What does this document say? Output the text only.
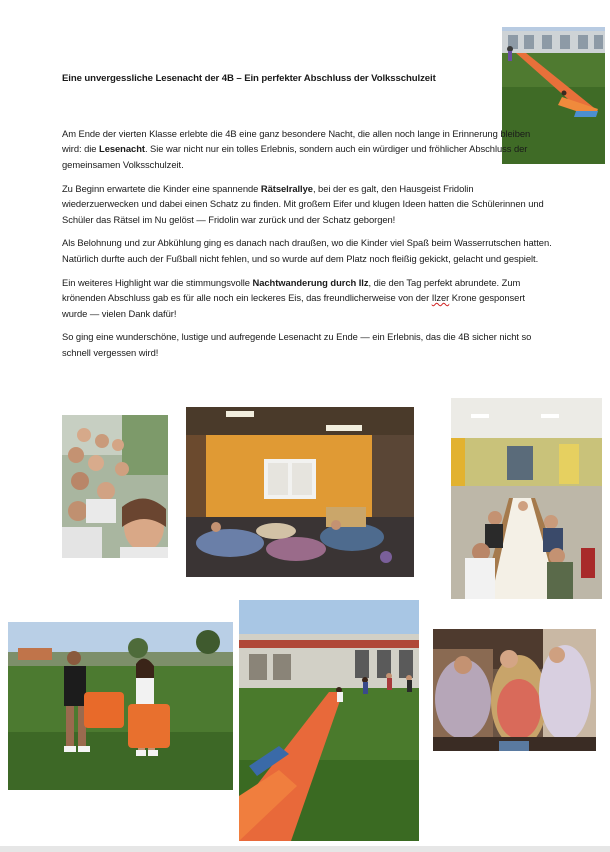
Eine unvergessliche Lesenacht der 4B – Ein perfekter Abschluss der Volksschulzeit

Am Ende der vierten Klasse erlebte die 4B eine ganz besondere Nacht, die allen noch lange in Erinnerung bleiben wird: die Lesenacht. Sie war nicht nur ein tolles Erlebnis, sondern auch ein würdiger und fröhlicher Abschluss der gemeinsamen Volksschulzeit.

Zu Beginn erwartete die Kinder eine spannende Rätselrallye, bei der es galt, den Hausgeist Fridolin wiederzuerwecken und dabei einen Schatz zu finden. Mit großem Eifer und klugen Ideen hatten die Schülerinnen und Schüler das Rätsel im Nu gelöst — Fridolin war zurück und der Schatz geborgen!

Als Belohnung und zur Abkühlung ging es danach nach draußen, wo die Kinder viel Spaß beim Wasserrutschen hatten. Natürlich durfte auch der Fußball nicht fehlen, und so wurde auf dem Platz noch fleißig gekickt, gelacht und gespielt.

Ein weiteres Highlight war die stimmungsvolle Nachtwanderung durch Ilz, die den Tag perfekt abrundete. Zum krönenden Abschluss gab es für alle noch ein leckeres Eis, das freundlicherweise von der Ilzer Krone gesponsert wurde — vielen Dank dafür!

So ging eine wunderschöne, lustige und aufregende Lesenacht zu Ende — ein Erlebnis, das die 4B sicher nicht so schnell vergessen wird!
